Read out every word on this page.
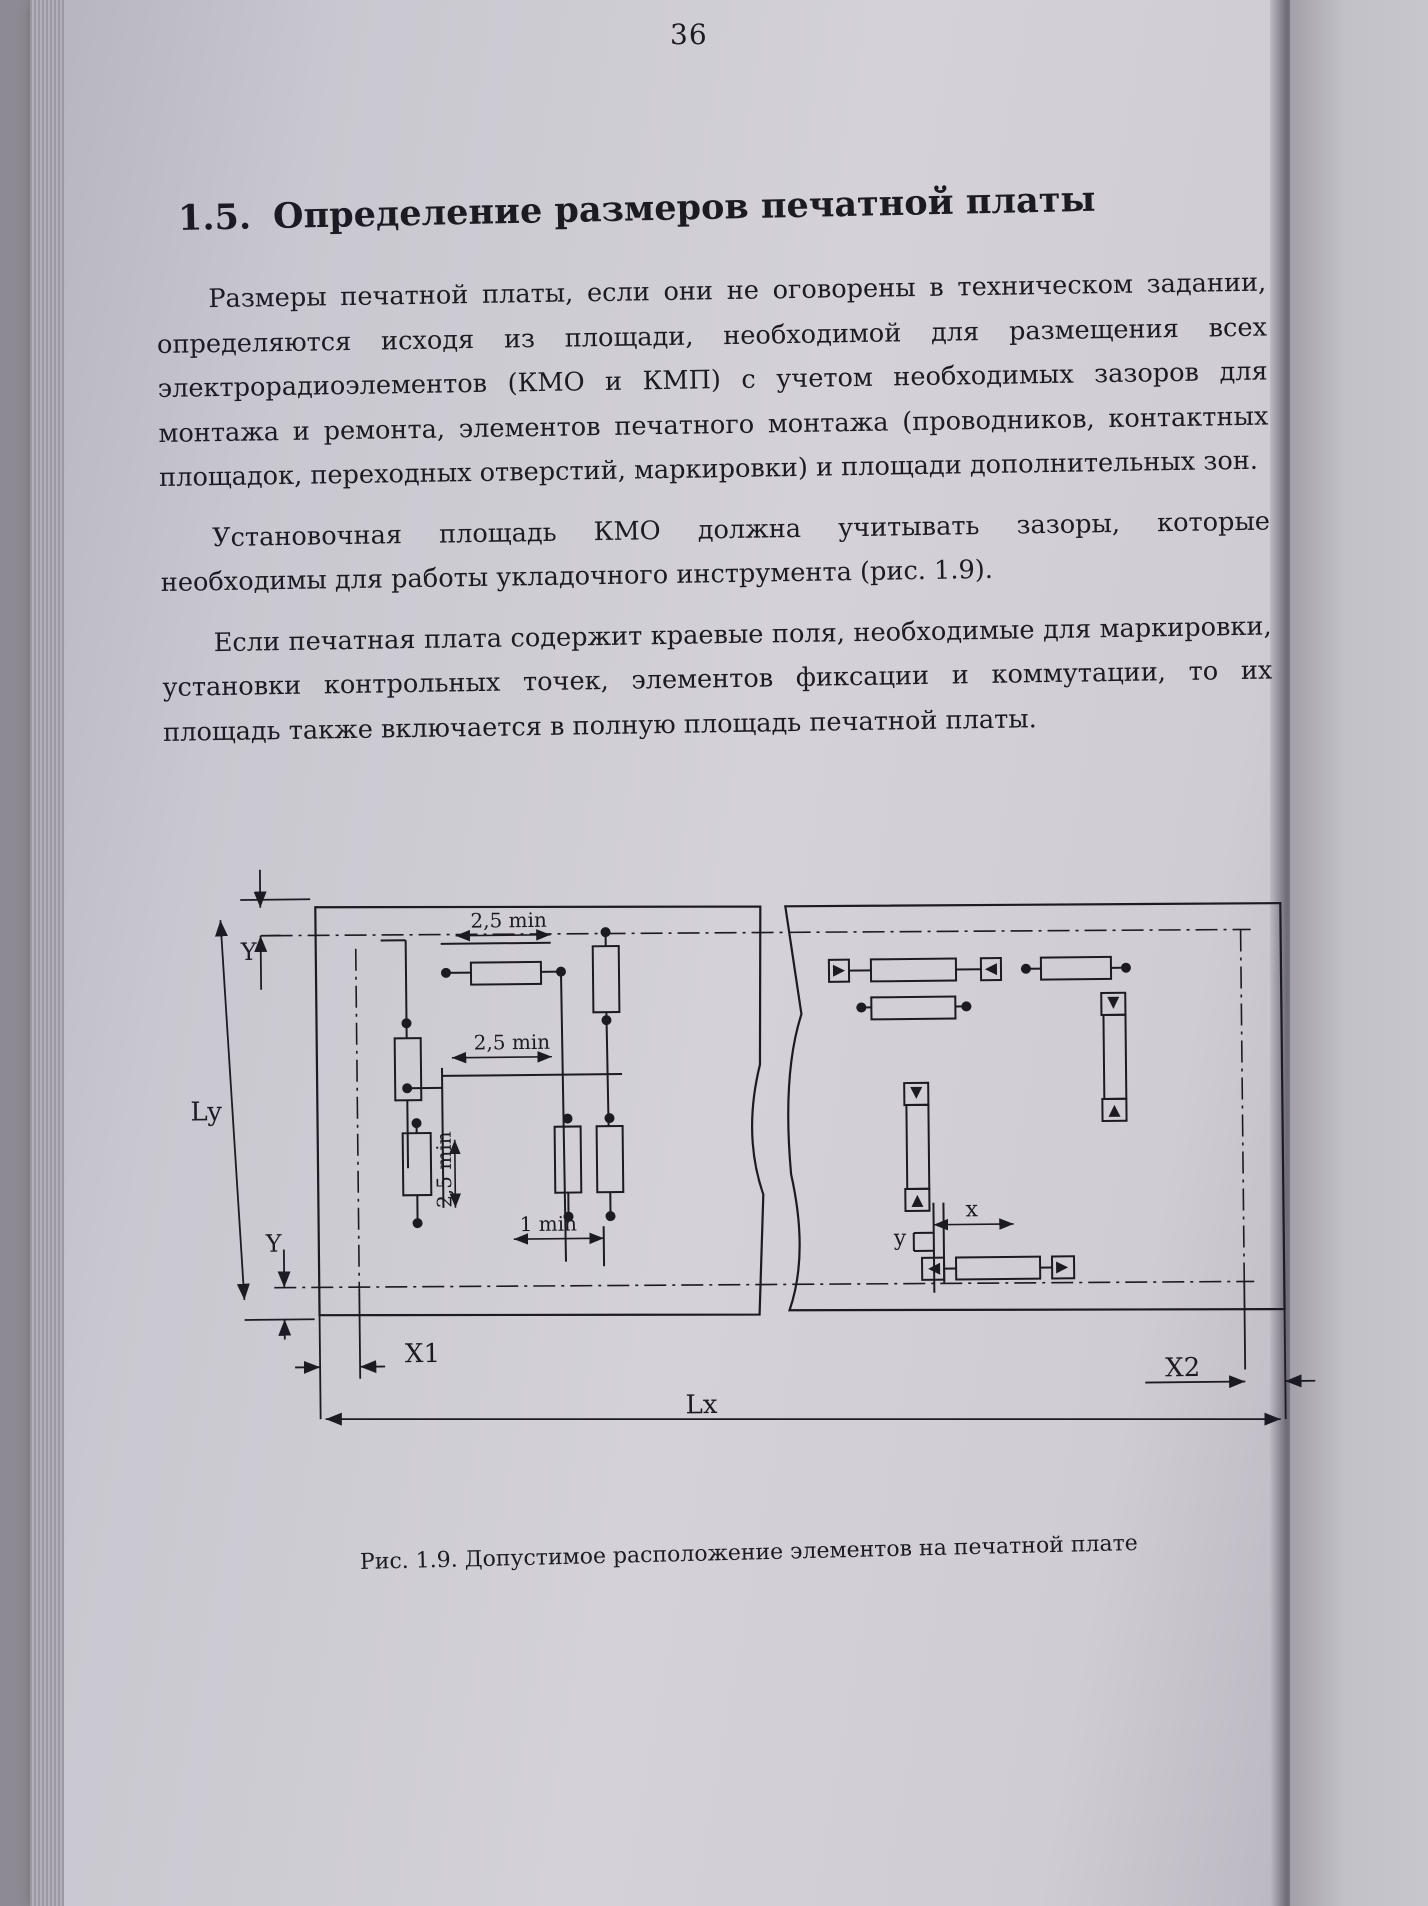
36
1.5. Определение размеров печатной платы

Размеры печатной платы, если они не оговорены в техническом задании, определяются исходя из площади, необходимой для размещения всех электрорадиоэлементов (КМО и КМП) с учетом необходимых зазоров для монтажа и ремонта, элементов печатного монтажа (проводников, контактных площадок, переходных отверстий, маркировки) и площади дополнительных зон.

Установочная площадь КМО должна учитывать зазоры, которые необходимы для работы укладочного инструмента (рис. 1.9).

Если печатная плата содержит краевые поля, необходимые для маркировки, установки контрольных точек, элементов фиксации и коммутации, то их площадь также включается в полную площадь печатной платы.

Ly
Y
Y
2,5 min
2,5 min
2,5 min
1 min
x
y
X1	X2
Lx
Рис. 1.9. Допустимое расположение элементов на печатной плате
